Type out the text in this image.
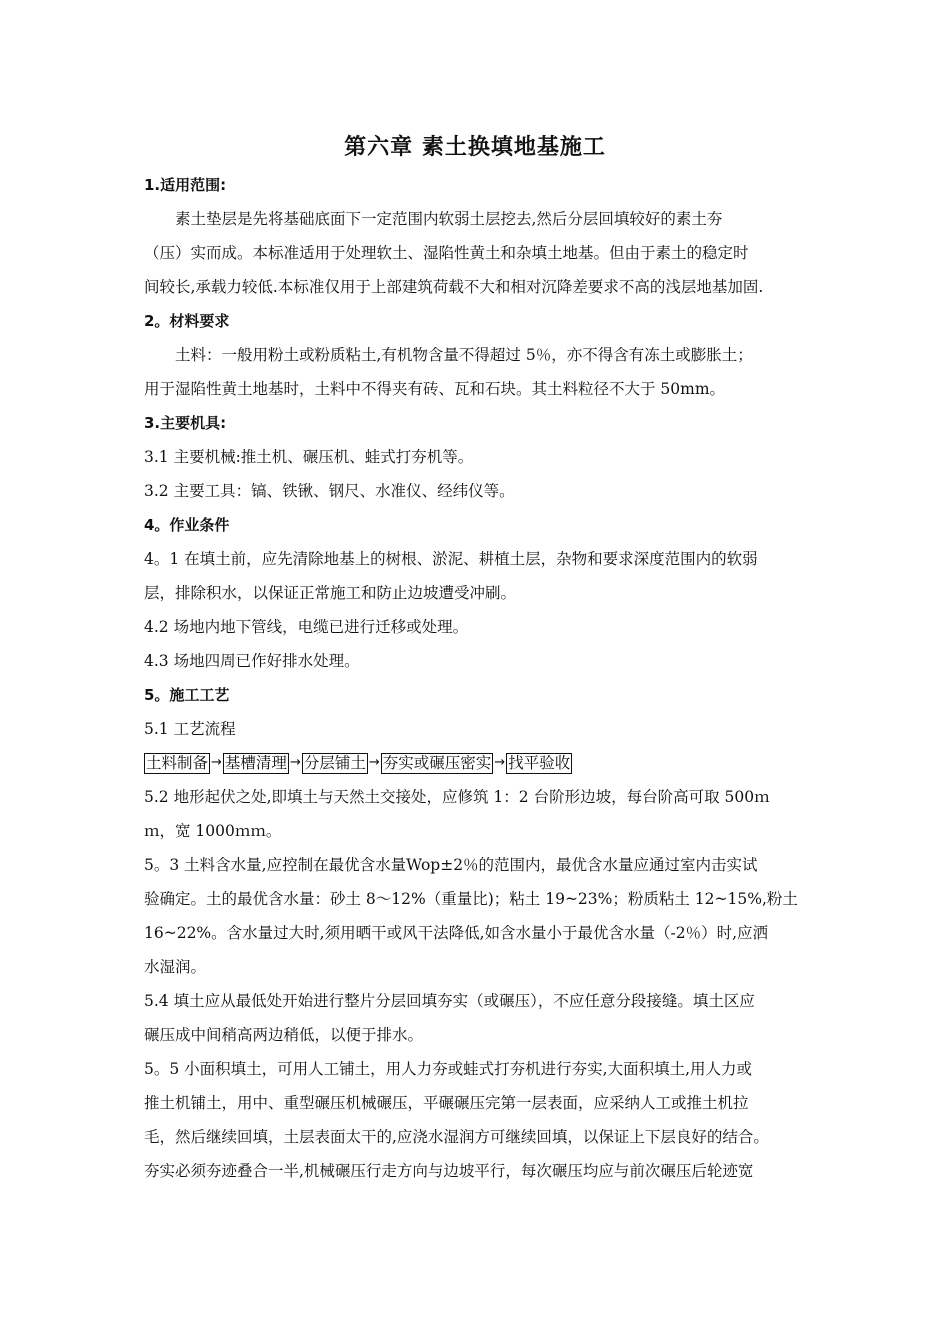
第六章 素土换填地基施工
1.适用范围:

素土垫层是先将基础底面下一定范围内软弱土层挖去,然后分层回填较好的素土夯

（压）实而成。本标准适用于处理软土、湿陷性黄土和杂填土地基。但由于素土的稳定时

间较长,承载力较低.本标准仅用于上部建筑荷载不大和相对沉降差要求不高的浅层地基加固.

2。材料要求

土料：一般用粉土或粉质粘土,有机物含量不得超过 5％，亦不得含有冻土或膨胀土；

用于湿陷性黄土地基时，土料中不得夹有砖、瓦和石块。其土料粒径不大于 50mm。

3.主要机具:

3.1 主要机械:推土机、碾压机、蛙式打夯机等。

3.2 主要工具：镐、铁锹、钢尺、水准仪、经纬仪等。

4。作业条件

4。1 在填土前，应先清除地基上的树根、淤泥、耕植土层，杂物和要求深度范围内的软弱

层，排除积水，以保证正常施工和防止边坡遭受冲刷。

4.2 场地内地下管线，电缆已进行迁移或处理。

4.3 场地四周已作好排水处理。

5。施工工艺

5.1 工艺流程

土料制备 → 基槽清理 → 分层铺土 → 夯实或碾压密实 → 找平验收

5.2 地形起伏之处,即填土与天然土交接处，应修筑 1：2 台阶形边坡，每台阶高可取 500ｍ

ｍ，宽 1000ｍｍ。

5。3 土料含水量,应控制在最优含水量Wop±2％的范围内，最优含水量应通过室内击实试

验确定。土的最优含水量：砂土 8～12%（重量比)；粘土 19~23%；粉质粘土 12~15%,粉土

16~22%。含水量过大时,须用晒干或风干法降低,如含水量小于最优含水量（-2％）时,应洒

水湿润。

5.4 填土应从最低处开始进行整片分层回填夯实（或碾压），不应任意分段接缝。填土区应

碾压成中间稍高两边稍低，以便于排水。

5。5 小面积填土，可用人工铺土，用人力夯或蛙式打夯机进行夯实,大面积填土,用人力或

推土机铺土，用中、重型碾压机械碾压，平碾碾压完第一层表面，应采纳人工或推土机拉

毛，然后继续回填，土层表面太干的,应浇水湿润方可继续回填，以保证上下层良好的结合。

夯实必须夯迹叠合一半,机械碾压行走方向与边坡平行，每次碾压均应与前次碾压后轮迹宽
